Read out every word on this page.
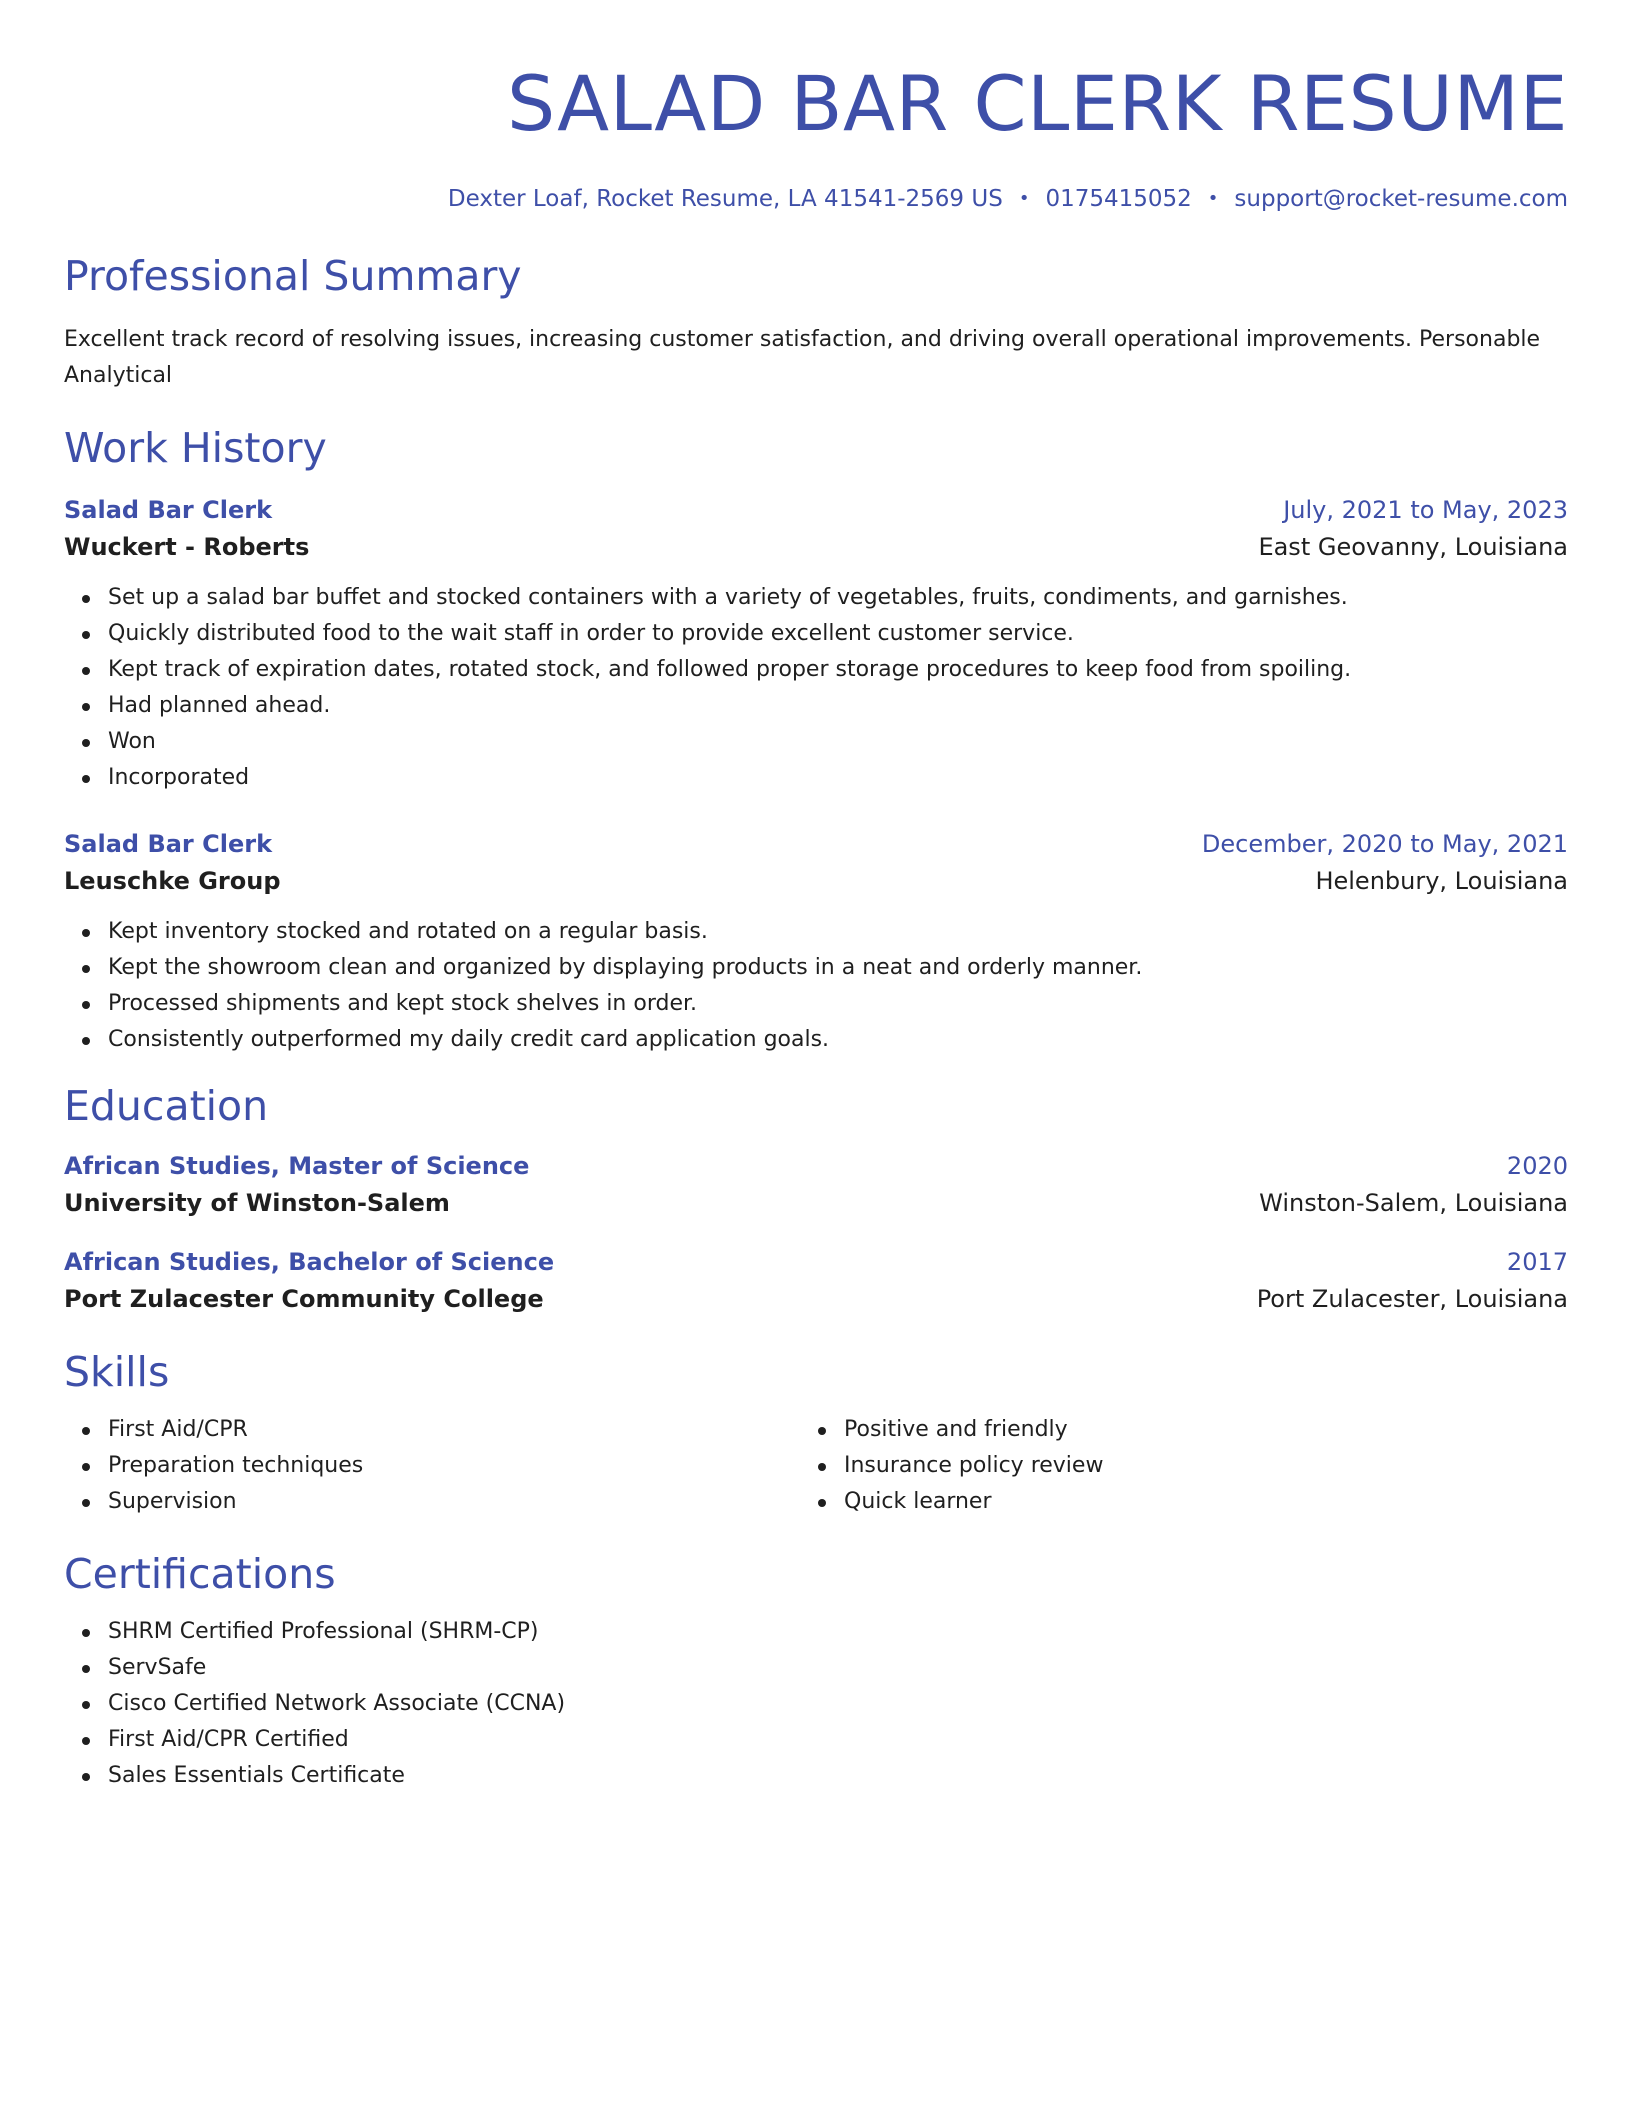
SALAD BAR CLERK RESUME
Dexter Loaf, Rocket Resume, LA 41541-2569 US • 0175415052 • support@rocket-resume.com
Professional Summary
Excellent track record of resolving issues, increasing customer satisfaction, and driving overall operational improvements. Personable Analytical
Work History
Salad Bar Clerk	July, 2021 to May, 2023
Wuckert - Roberts	East Geovanny, Louisiana
Set up a salad bar buffet and stocked containers with a variety of vegetables, fruits, condiments, and garnishes.
Quickly distributed food to the wait staff in order to provide excellent customer service.
Kept track of expiration dates, rotated stock, and followed proper storage procedures to keep food from spoiling.
Had planned ahead.
Won
Incorporated
Salad Bar Clerk	December, 2020 to May, 2021
Leuschke Group	Helenbury, Louisiana
Kept inventory stocked and rotated on a regular basis.
Kept the showroom clean and organized by displaying products in a neat and orderly manner.
Processed shipments and kept stock shelves in order.
Consistently outperformed my daily credit card application goals.
Education
African Studies, Master of Science	2020
University of Winston-Salem	Winston-Salem, Louisiana
African Studies, Bachelor of Science	2017
Port Zulacester Community College	Port Zulacester, Louisiana
Skills
First Aid/CPR
Preparation techniques
Supervision
Positive and friendly
Insurance policy review
Quick learner
Certifications
SHRM Certified Professional (SHRM-CP)
ServSafe
Cisco Certified Network Associate (CCNA)
First Aid/CPR Certified
Sales Essentials Certificate
